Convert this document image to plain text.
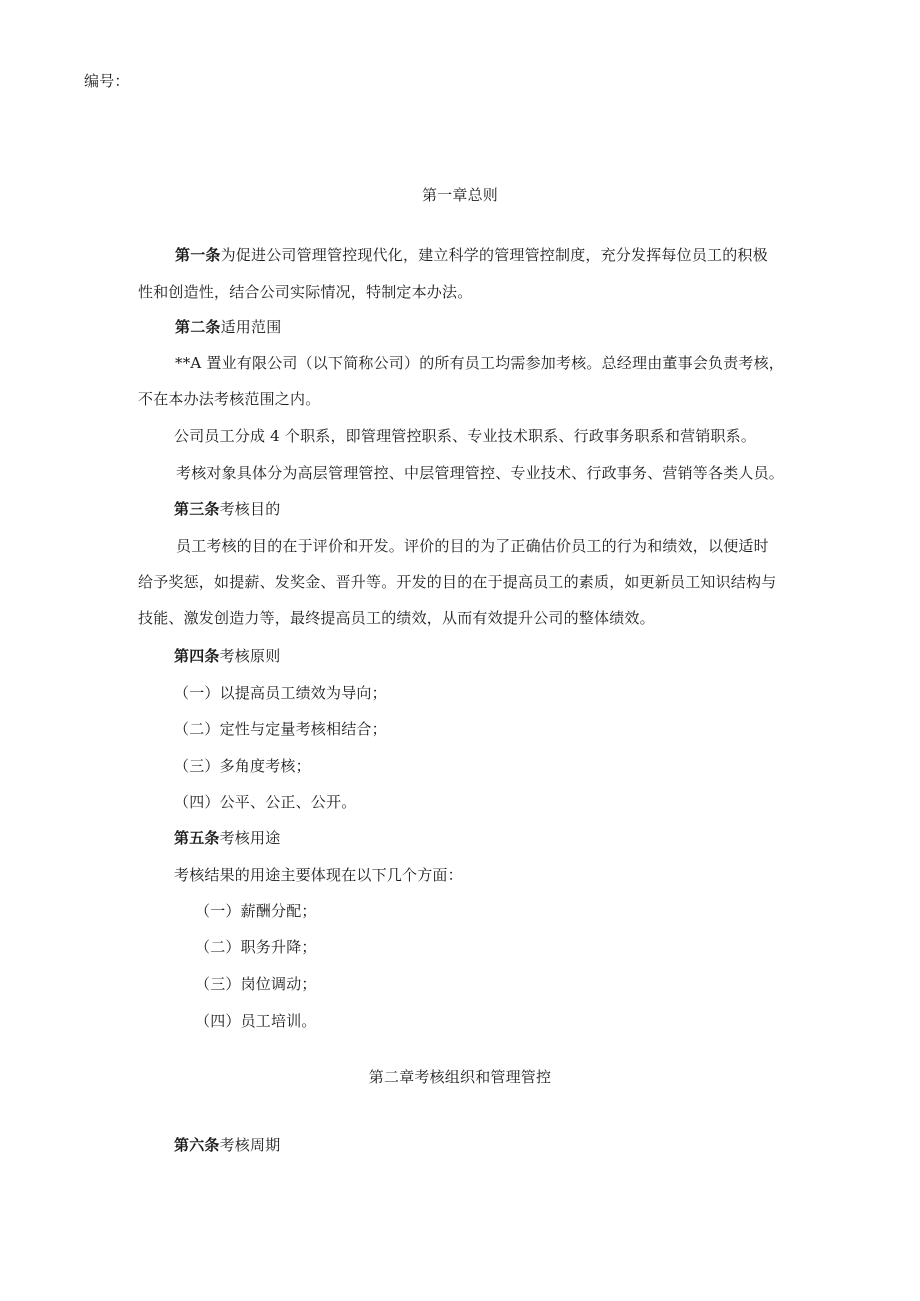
编号：
第一章总则
第一条为促进公司管理管控现代化，建立科学的管理管控制度，充分发挥每位员工的积极
性和创造性，结合公司实际情况，特制定本办法。
第二条适用范围
**A 置业有限公司（以下简称公司）的所有员工均需参加考核。总经理由董事会负责考核，
不在本办法考核范围之内。
公司员工分成 4 个职系，即管理管控职系、专业技术职系、行政事务职系和营销职系。
考核对象具体分为高层管理管控、中层管理管控、专业技术、行政事务、营销等各类人员。
第三条考核目的
员工考核的目的在于评价和开发。评价的目的为了正确估价员工的行为和绩效，以便适时
给予奖惩，如提薪、发奖金、晋升等。开发的目的在于提高员工的素质，如更新员工知识结构与
技能、激发创造力等，最终提高员工的绩效，从而有效提升公司的整体绩效。
第四条考核原则
（一）以提高员工绩效为导向；
（二）定性与定量考核相结合；
（三）多角度考核；
（四）公平、公正、公开。
第五条考核用途
考核结果的用途主要体现在以下几个方面：
（一）薪酬分配；
（二）职务升降；
（三）岗位调动；
（四）员工培训。
第二章考核组织和管理管控
第六条考核周期
